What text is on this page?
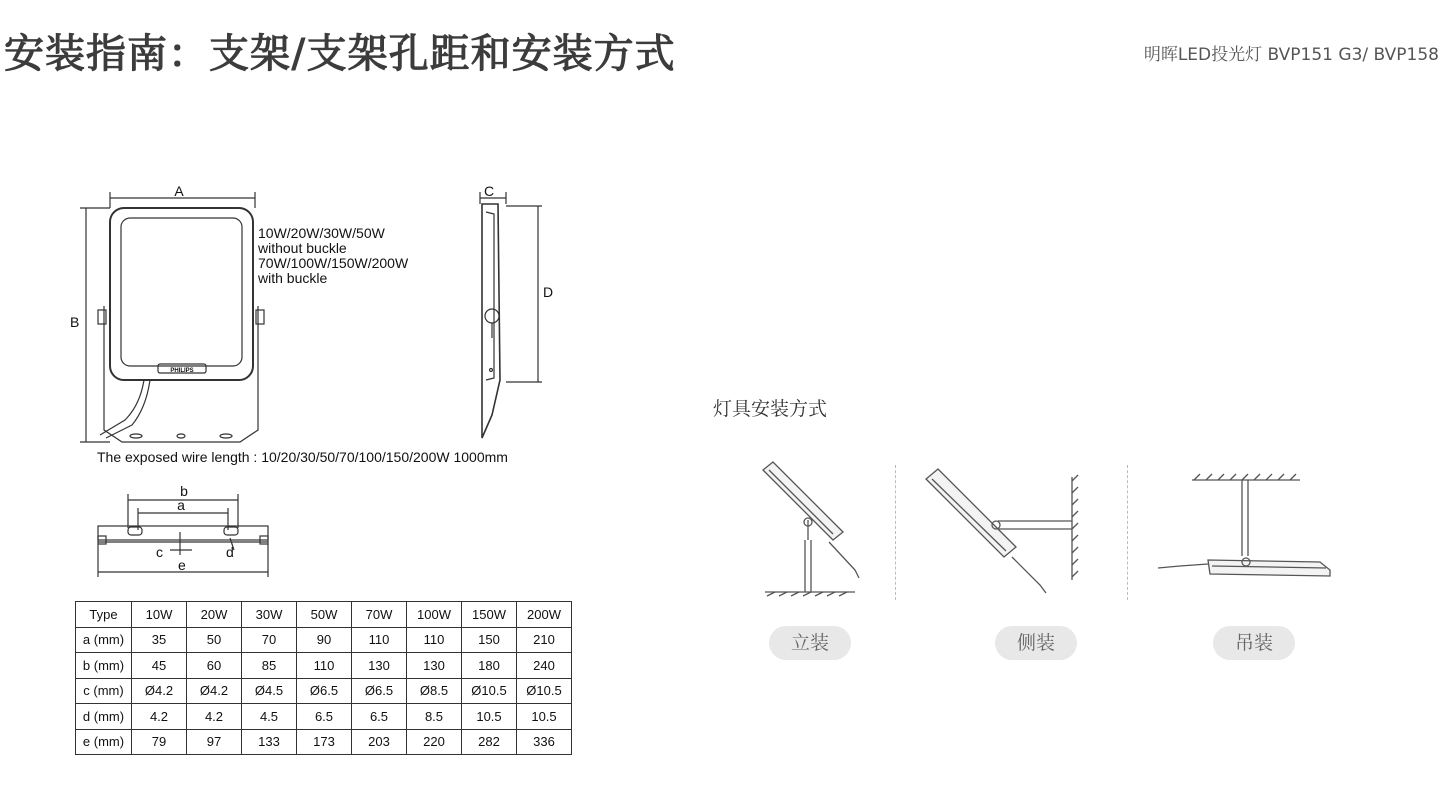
安装指南：支架/支架孔距和安装方式	明晖LED投光灯 BVP151 G3/ BVP158
A
B
C
D
PHILIPS
b
a
c	d
e
10W/20W/30W/50W
without buckle
70W/100W/150W/200W
with buckle
The exposed wire length : 10/20/30/50/70/100/150/200W 1000mm
Type	10W	20W	30W	50W	70W	100W	150W	200W
a (mm)	35	50	70	90	110	110	150	210
b (mm)	45	60	85	110	130	130	180	240
c (mm)	Ø4.2	Ø4.2	Ø4.5	Ø6.5	Ø6.5	Ø8.5	Ø10.5	Ø10.5
d (mm)	4.2	4.2	4.5	6.5	6.5	8.5	10.5	10.5
e (mm)	79	97	133	173	203	220	282	336
灯具安装方式
立装	侧装	吊装
